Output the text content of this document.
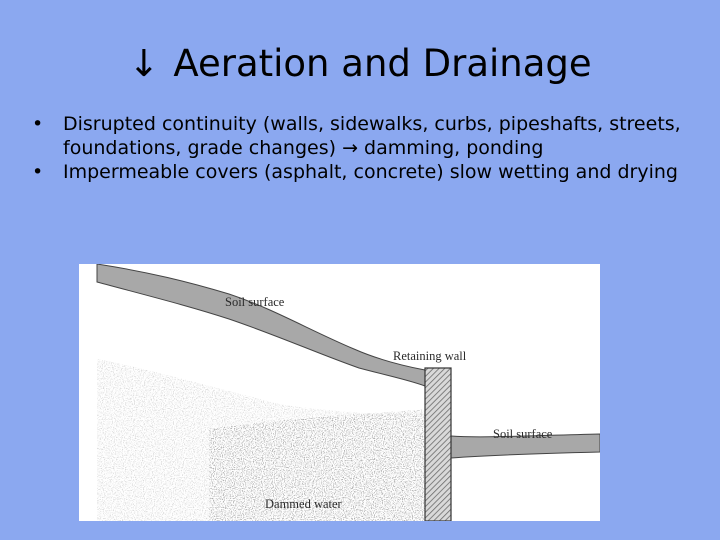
↓ Aeration and Drainage
• Disrupted continuity (walls, sidewalks, curbs, pipeshafts, streets, foundations, grade changes) → damming, ponding
• Impermeable covers (asphalt, concrete) slow wetting and drying
Soil surface
Retaining wall
Soil surface
Dammed water
